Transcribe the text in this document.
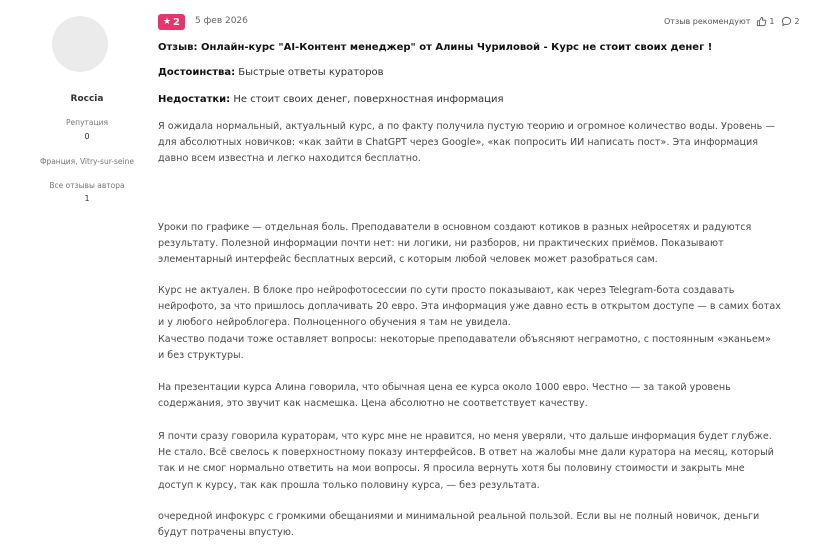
Roccia
Репутация
0
Франция, Vitry-sur-seine
Все отзывы автора
1
★ 2 5 фев 2026	Отзыв рекомендуют 1	2
Отзыв: Онлайн-курс "AI-Контент менеджер" от Алины Чуриловой - Курс не стоит своих денег !
Достоинства: Быстрые ответы кураторов
Недостатки: Не стоит своих денег, поверхностная информация
Я ожидала нормальный, актуальный курс, а по факту получила пустую теорию и огромное количество воды. Уровень —
для абсолютных новичков: «как зайти в ChatGPT через Google», «как попросить ИИ написать пост». Эта информация
давно всем известна и легко находится бесплатно.
Уроки по графике — отдельная боль. Преподаватели в основном создают котиков в разных нейросетях и радуются
результату. Полезной информации почти нет: ни логики, ни разборов, ни практических приёмов. Показывают
элементарный интерфейс бесплатных версий, с которым любой человек может разобраться сам.
Курс не актуален. В блоке про нейрофотосессии по сути просто показывают, как через Telegram-бота создавать
нейрофото, за что пришлось доплачивать 20 евро. Эта информация уже давно есть в открытом доступе — в самих ботах
и у любого нейроблогера. Полноценного обучения я там не увидела.
Качество подачи тоже оставляет вопросы: некоторые преподаватели объясняют неграмотно, с постоянным «эканьем»
и без структуры.
На презентации курса Алина говорила, что обычная цена ее курса около 1000 евро. Честно — за такой уровень
содержания, это звучит как насмешка. Цена абсолютно не соответствует качеству.
Я почти сразу говорила кураторам, что курс мне не нравится, но меня уверяли, что дальше информация будет глубже.
Не стало. Всё свелось к поверхностному показу интерфейсов. В ответ на жалобы мне дали куратора на месяц, который
так и не смог нормально ответить на мои вопросы. Я просила вернуть хотя бы половину стоимости и закрыть мне
доступ к курсу, так как прошла только половину курса, — без результата.
очередной инфокурс с громкими обещаниями и минимальной реальной пользой. Если вы не полный новичок, деньги
будут потрачены впустую.
